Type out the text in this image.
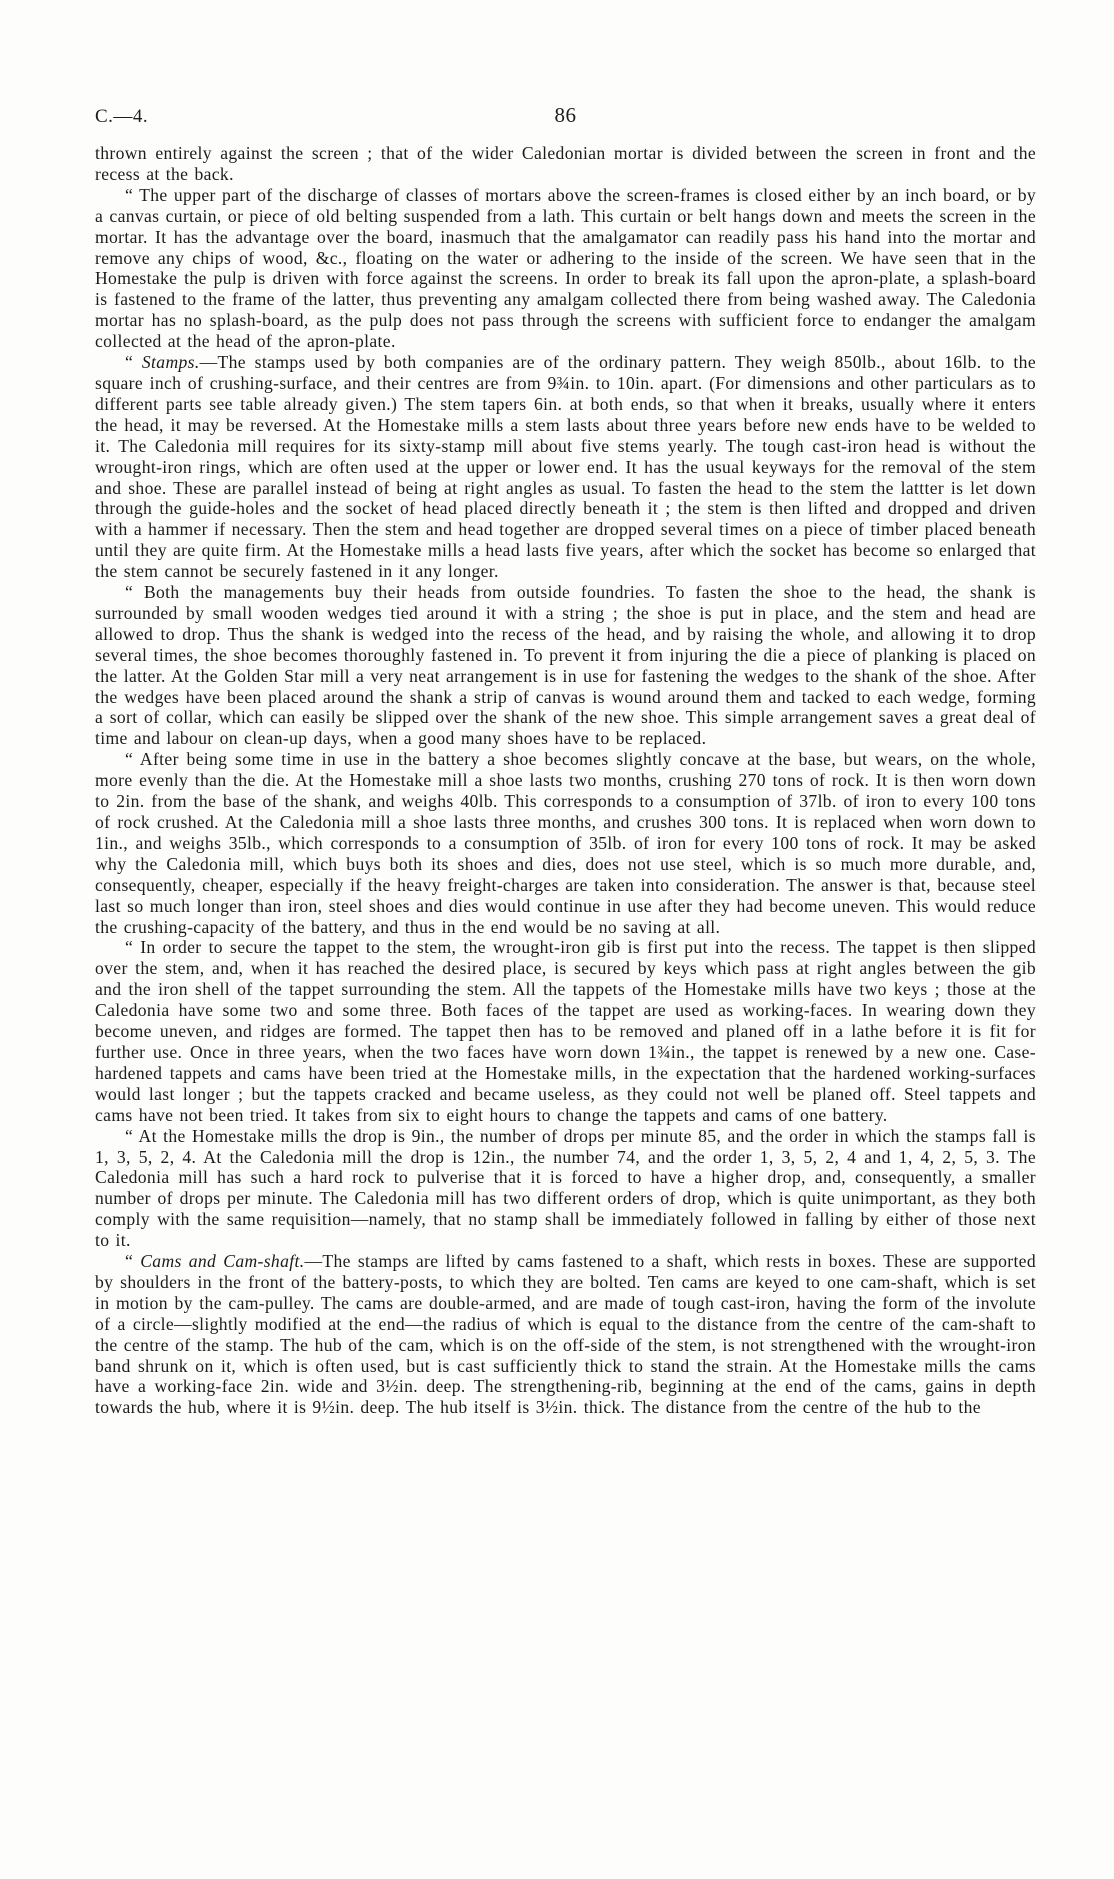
C.—4.	86

thrown entirely against the screen ; that of the wider Caledonian mortar is divided between the screen in front and the recess at the back.

“ The upper part of the discharge of classes of mortars above the screen-frames is closed either by an inch board, or by a canvas curtain, or piece of old belting suspended from a lath. This curtain or belt hangs down and meets the screen in the mortar. It has the advantage over the board, inasmuch that the amalgamator can readily pass his hand into the mortar and remove any chips of wood, &c., floating on the water or adhering to the inside of the screen. We have seen that in the Homestake the pulp is driven with force against the screens. In order to break its fall upon the apron-plate, a splash-board is fastened to the frame of the latter, thus preventing any amalgam collected there from being washed away. The Caledonia mortar has no splash-board, as the pulp does not pass through the screens with sufficient force to endanger the amalgam collected at the head of the apron-plate.

“ Stamps.—The stamps used by both companies are of the ordinary pattern. They weigh 850lb., about 16lb. to the square inch of crushing-surface, and their centres are from 9¾in. to 10in. apart. (For dimensions and other particulars as to different parts see table already given.) The stem tapers 6in. at both ends, so that when it breaks, usually where it enters the head, it may be reversed. At the Homestake mills a stem lasts about three years before new ends have to be welded to it. The Caledonia mill requires for its sixty-stamp mill about five stems yearly. The tough cast-iron head is without the wrought-iron rings, which are often used at the upper or lower end. It has the usual keyways for the removal of the stem and shoe. These are parallel instead of being at right angles as usual. To fasten the head to the stem the lattter is let down through the guide-holes and the socket of head placed directly beneath it ; the stem is then lifted and dropped and driven with a hammer if necessary. Then the stem and head together are dropped several times on a piece of timber placed beneath until they are quite firm. At the Homestake mills a head lasts five years, after which the socket has become so enlarged that the stem cannot be securely fastened in it any longer.

“ Both the managements buy their heads from outside foundries. To fasten the shoe to the head, the shank is surrounded by small wooden wedges tied around it with a string ; the shoe is put in place, and the stem and head are allowed to drop. Thus the shank is wedged into the recess of the head, and by raising the whole, and allowing it to drop several times, the shoe becomes thoroughly fastened in. To prevent it from injuring the die a piece of planking is placed on the latter. At the Golden Star mill a very neat arrangement is in use for fastening the wedges to the shank of the shoe. After the wedges have been placed around the shank a strip of canvas is wound around them and tacked to each wedge, forming a sort of collar, which can easily be slipped over the shank of the new shoe. This simple arrangement saves a great deal of time and labour on clean-up days, when a good many shoes have to be replaced.

“ After being some time in use in the battery a shoe becomes slightly concave at the base, but wears, on the whole, more evenly than the die. At the Homestake mill a shoe lasts two months, crushing 270 tons of rock. It is then worn down to 2in. from the base of the shank, and weighs 40lb. This corresponds to a consumption of 37lb. of iron to every 100 tons of rock crushed. At the Caledonia mill a shoe lasts three months, and crushes 300 tons. It is replaced when worn down to 1in., and weighs 35lb., which corresponds to a consumption of 35lb. of iron for every 100 tons of rock. It may be asked why the Caledonia mill, which buys both its shoes and dies, does not use steel, which is so much more durable, and, consequently, cheaper, especially if the heavy freight-charges are taken into consideration. The answer is that, because steel last so much longer than iron, steel shoes and dies would continue in use after they had become uneven. This would reduce the crushing-capacity of the battery, and thus in the end would be no saving at all.

“ In order to secure the tappet to the stem, the wrought-iron gib is first put into the recess. The tappet is then slipped over the stem, and, when it has reached the desired place, is secured by keys which pass at right angles between the gib and the iron shell of the tappet surrounding the stem. All the tappets of the Homestake mills have two keys ; those at the Caledonia have some two and some three. Both faces of the tappet are used as working-faces. In wearing down they become uneven, and ridges are formed. The tappet then has to be removed and planed off in a lathe before it is fit for further use. Once in three years, when the two faces have worn down 1¾in., the tappet is renewed by a new one. Case-hardened tappets and cams have been tried at the Homestake mills, in the expectation that the hardened working-surfaces would last longer ; but the tappets cracked and became useless, as they could not well be planed off. Steel tappets and cams have not been tried. It takes from six to eight hours to change the tappets and cams of one battery.

“ At the Homestake mills the drop is 9in., the number of drops per minute 85, and the order in which the stamps fall is 1, 3, 5, 2, 4. At the Caledonia mill the drop is 12in., the number 74, and the order 1, 3, 5, 2, 4 and 1, 4, 2, 5, 3. The Caledonia mill has such a hard rock to pulverise that it is forced to have a higher drop, and, consequently, a smaller number of drops per minute. The Caledonia mill has two different orders of drop, which is quite unimportant, as they both comply with the same requisition—namely, that no stamp shall be immediately followed in falling by either of those next to it.

“ Cams and Cam-shaft.—The stamps are lifted by cams fastened to a shaft, which rests in boxes. These are supported by shoulders in the front of the battery-posts, to which they are bolted. Ten cams are keyed to one cam-shaft, which is set in motion by the cam-pulley. The cams are double-armed, and are made of tough cast-iron, having the form of the involute of a circle—slightly modified at the end—the radius of which is equal to the distance from the centre of the cam-shaft to the centre of the stamp. The hub of the cam, which is on the off-side of the stem, is not strengthened with the wrought-iron band shrunk on it, which is often used, but is cast sufficiently thick to stand the strain. At the Homestake mills the cams have a working-face 2in. wide and 3½in. deep. The strengthening-rib, beginning at the end of the cams, gains in depth towards the hub, where it is 9½in. deep. The hub itself is 3½in. thick. The distance from the centre of the hub to the
